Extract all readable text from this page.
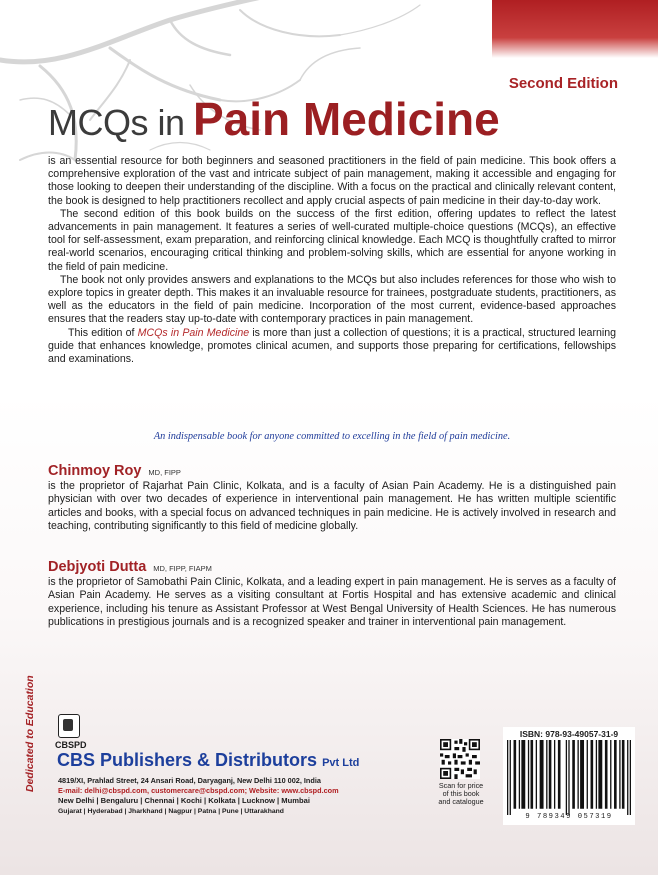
Second Edition
MCQs in Pain Medicine

is an essential resource for both beginners and seasoned practitioners in the field of pain medicine. This book offers a comprehensive exploration of the vast and intricate subject of pain management, making it accessible and engaging for those looking to deepen their understanding of the discipline. With a focus on the practical and clinically relevant content, the book is designed to help practitioners recollect and apply crucial aspects of pain medicine in their day-to-day work.

The second edition of this book builds on the success of the first edition, offering updates to reflect the latest advancements in pain management. It features a series of well-curated multiple-choice questions (MCQs), an effective tool for self-assessment, exam preparation, and reinforcing clinical knowledge. Each MCQ is thoughtfully crafted to mirror real-world scenarios, encouraging critical thinking and problem-solving skills, which are essential for anyone working in the field of pain medicine.

The book not only provides answers and explanations to the MCQs but also includes references for those who wish to explore topics in greater depth. This makes it an invaluable resource for trainees, postgraduate students, practitioners, as well as the educators in the field of pain medicine. Incorporation of the most current, evidence-based approaches ensures that the readers stay up-to-date with contemporary practices in pain management.

This edition of MCQs in Pain Medicine is more than just a collection of questions; it is a practical, structured learning guide that enhances knowledge, promotes clinical acumen, and supports those preparing for certifications, fellowships and examinations.

An indispensable book for anyone committed to excelling in the field of pain medicine.
Chinmoy Roy MD, FIPP

is the proprietor of Rajarhat Pain Clinic, Kolkata, and is a faculty of Asian Pain Academy. He is a distinguished pain physician with over two decades of experience in interventional pain management. He has written multiple scientific articles and books, with a special focus on advanced techniques in pain medicine. He is actively involved in research and teaching, contributing significantly to this field of medicine globally.

Debjyoti Dutta MD, FIPP, FIAPM

is the proprietor of Samobathi Pain Clinic, Kolkata, and a leading expert in pain management. He is serves as a faculty of Asian Pain Academy. He serves as a visiting consultant at Fortis Hospital and has extensive academic and clinical experience, including his tenure as Assistant Professor at West Bengal University of Health Sciences. He has numerous publications in prestigious journals and is a recognized speaker and trainer in interventional pain management.

Dedicated to Education CBSPD
CBS Publishers & Distributors Pvt Ltd
4819/XI, Prahlad Street, 24 Ansari Road, Daryaganj, New Delhi 110 002, India
E-mail: delhi@cbspd.com, customercare@cbspd.com; Website: www.cbspd.com
New Delhi | Bengaluru | Chennai | Kochi | Kolkata | Lucknow | Mumbai
Gujarat | Hyderabad | Jharkhand | Nagpur | Patna | Pune | Uttarakhand
Scan for price of this book and catalogue
ISBN: 978-93-49057-31-9
9 789349 057319
